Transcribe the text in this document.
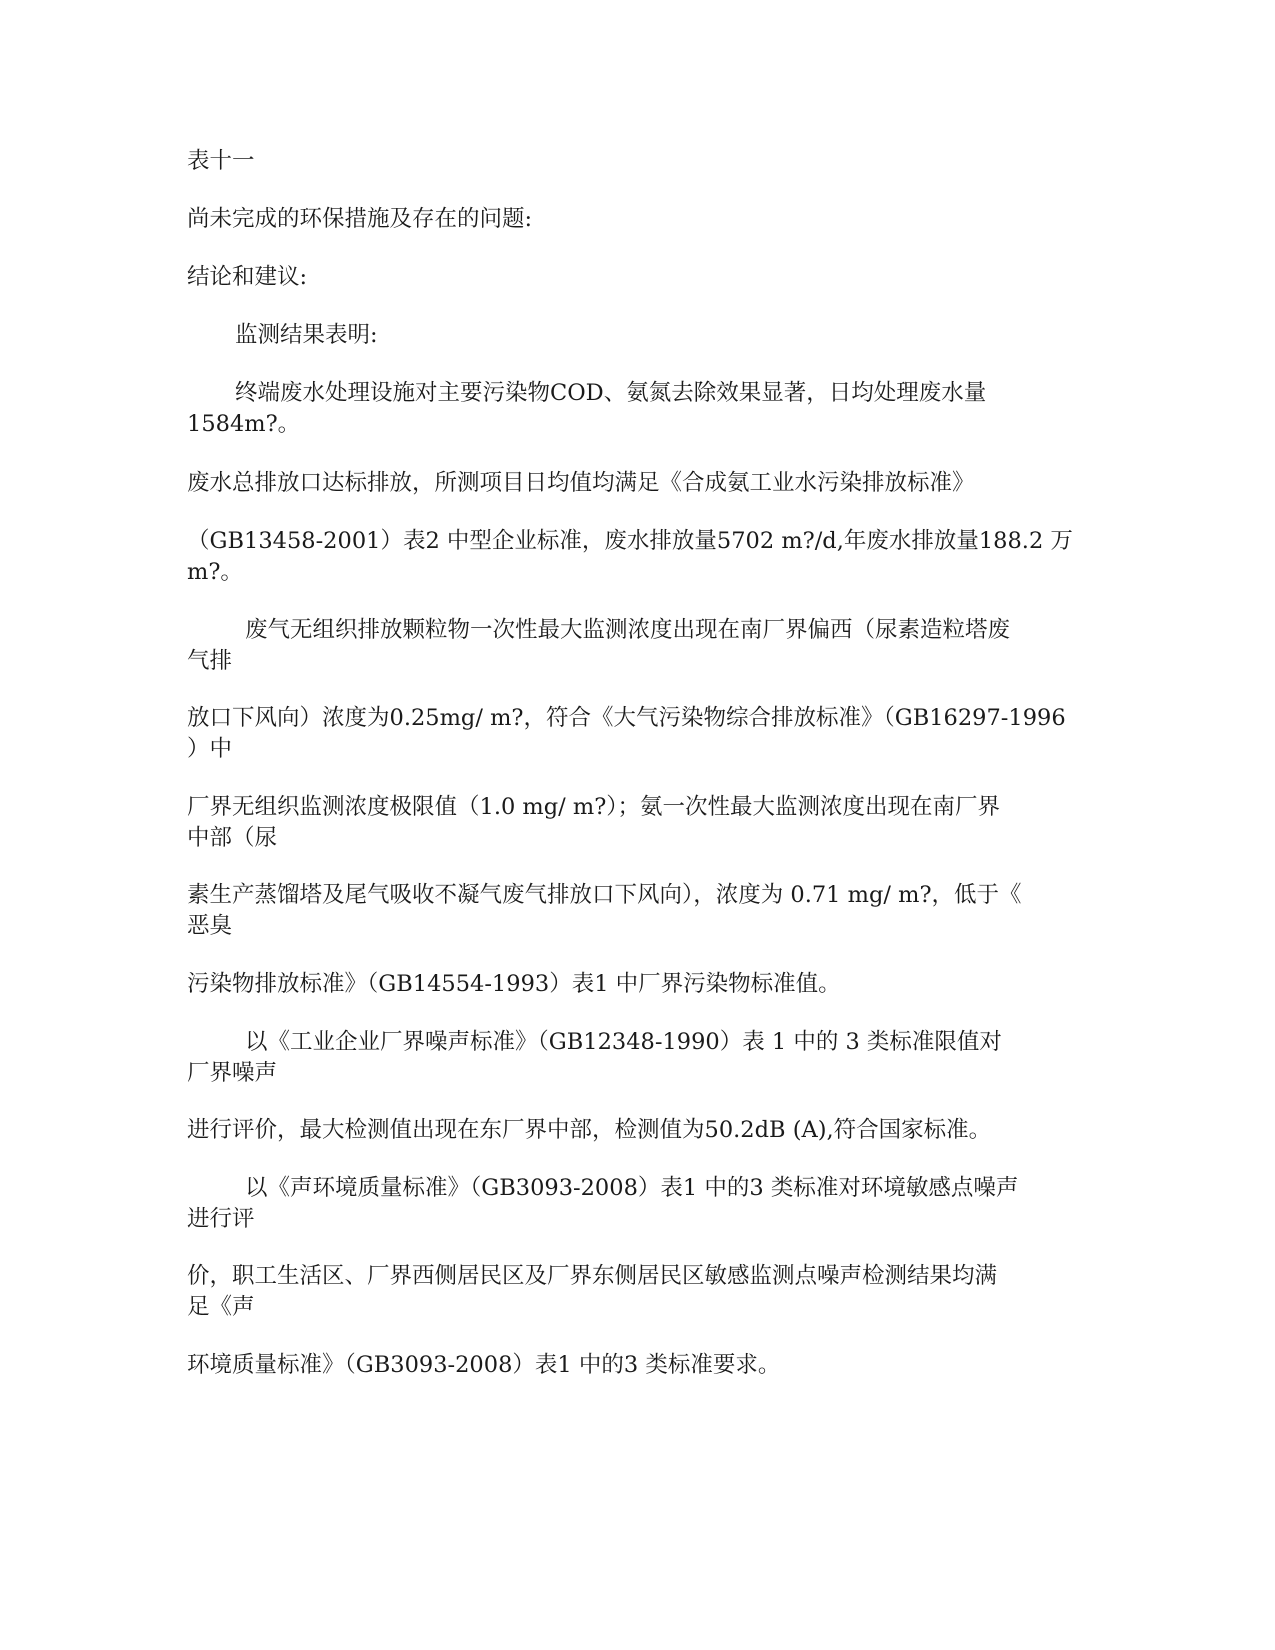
表十一

尚未完成的环保措施及存在的问题:

结论和建议:

监测结果表明:

终端废水处理设施对主要污染物COD、氨氮去除效果显著，日均处理废水量
1584m?。

废水总排放口达标排放，所测项目日均值均满足《合成氨工业水污染排放标准》

（GB13458-2001）表2 中型企业标准，废水排放量5702 m?/d,年废水排放量188.2 万
m?。

废气无组织排放颗粒物一次性最大监测浓度出现在南厂界偏西（尿素造粒塔废
气排

放口下风向）浓度为0.25mg/ m?，符合《大气污染物综合排放标准》（GB16297-1996
）中

厂界无组织监测浓度极限值（1.0 mg/ m?）；氨一次性最大监测浓度出现在南厂界
中部（尿

素生产蒸馏塔及尾气吸收不凝气废气排放口下风向），浓度为 0.71 mg/ m?，低于《
恶臭

污染物排放标准》（GB14554-1993）表1 中厂界污染物标准值。

以《工业企业厂界噪声标准》（GB12348-1990）表 1 中的 3 类标准限值对
厂界噪声

进行评价，最大检测值出现在东厂界中部，检测值为50.2dB (A),符合国家标准。

以《声环境质量标准》（GB3093-2008）表1 中的3 类标准对环境敏感点噪声
进行评

价，职工生活区、厂界西侧居民区及厂界东侧居民区敏感监测点噪声检测结果均满
足《声

环境质量标准》（GB3093-2008）表1 中的3 类标准要求。
